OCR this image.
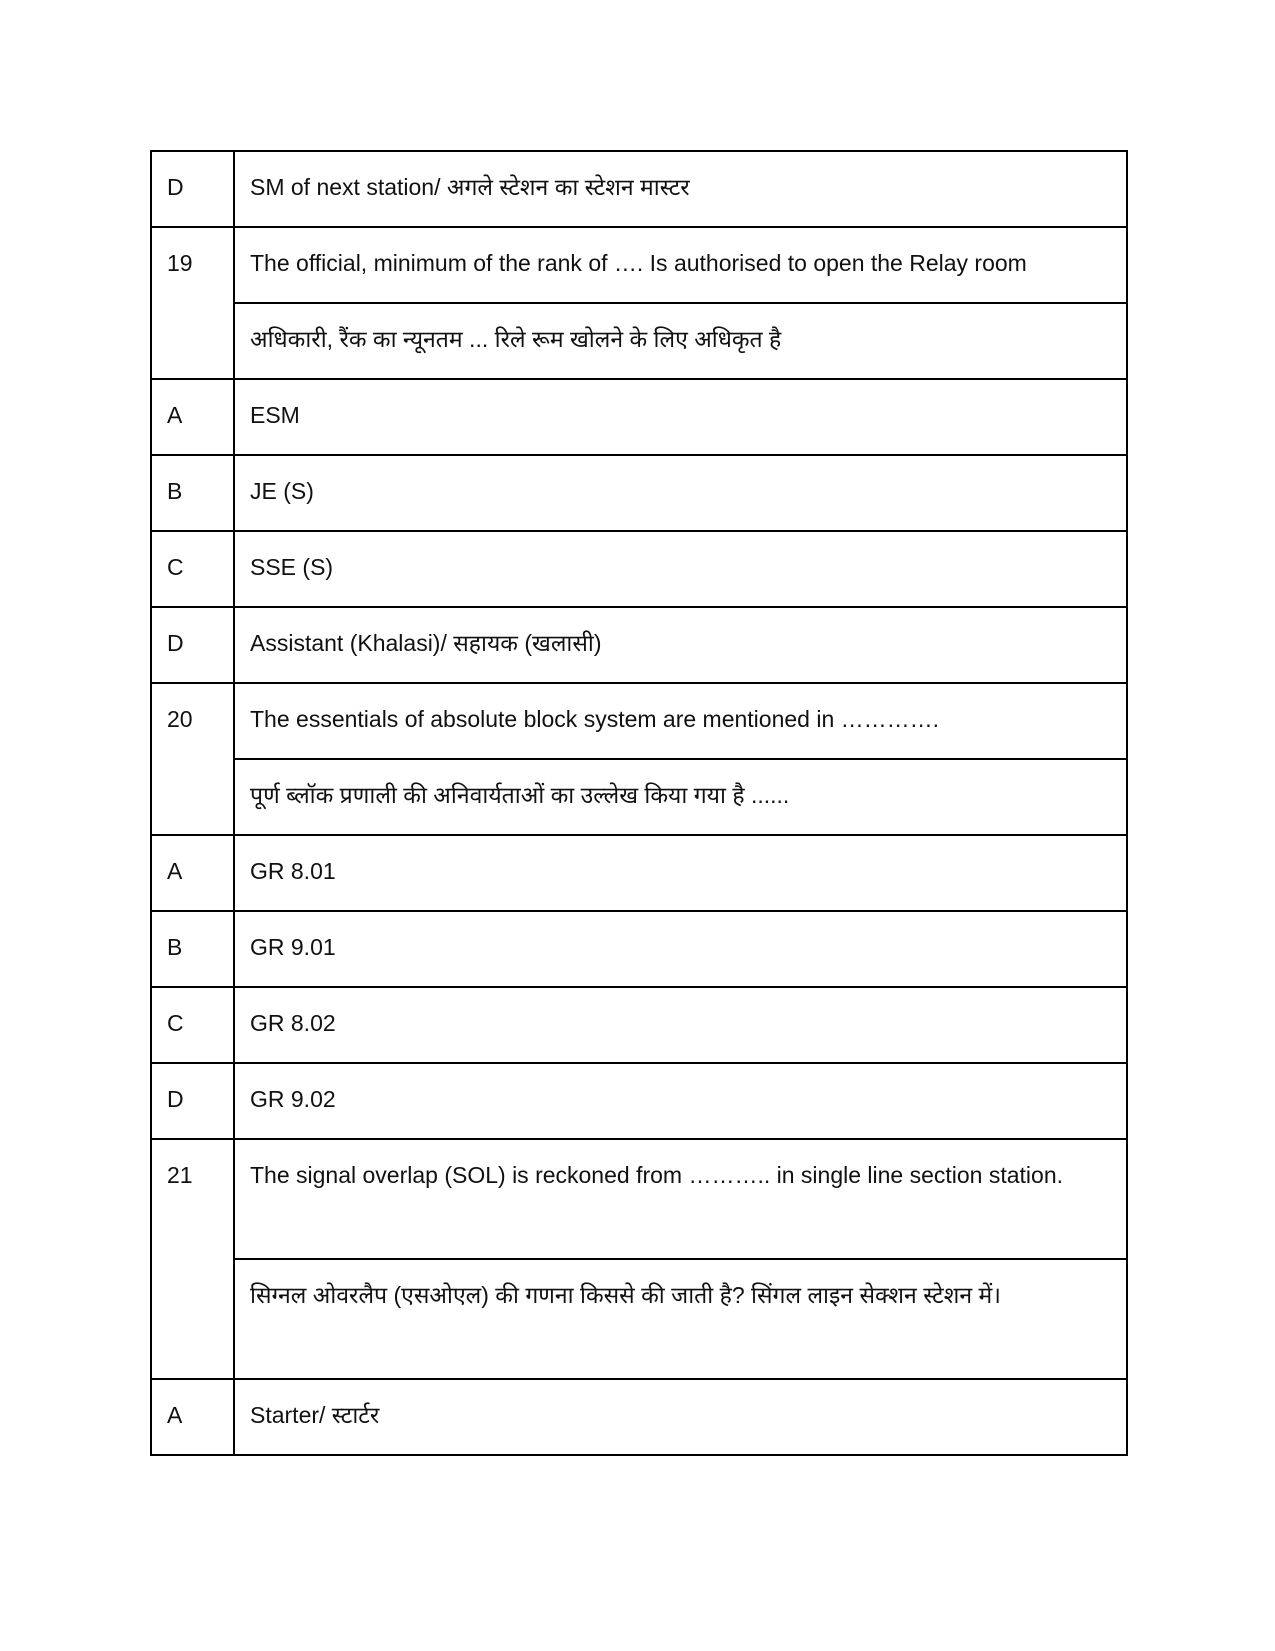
D	SM of next station/ अगले स्टेशन का स्टेशन मास्टर
19	The official, minimum of the rank of …. Is authorised to open the Relay room
	अधिकारी, रैंक का न्यूनतम ... रिले रूम खोलने के लिए अधिकृत है
A	ESM
B	JE (S)
C	SSE (S)
D	Assistant (Khalasi)/ सहायक (खलासी)
20	The essentials of absolute block system are mentioned in ………….
	पूर्ण ब्लॉक प्रणाली की अनिवार्यताओं का उल्लेख किया गया है ......
A	GR 8.01
B	GR 9.01
C	GR 8.02
D	GR 9.02
21	The signal overlap (SOL) is reckoned from ……….. in single line section station.
	सिग्नल ओवरलैप (एसओएल) की गणना किससे की जाती है? सिंगल लाइन सेक्शन स्टेशन में।
A	Starter/ स्टार्टर
